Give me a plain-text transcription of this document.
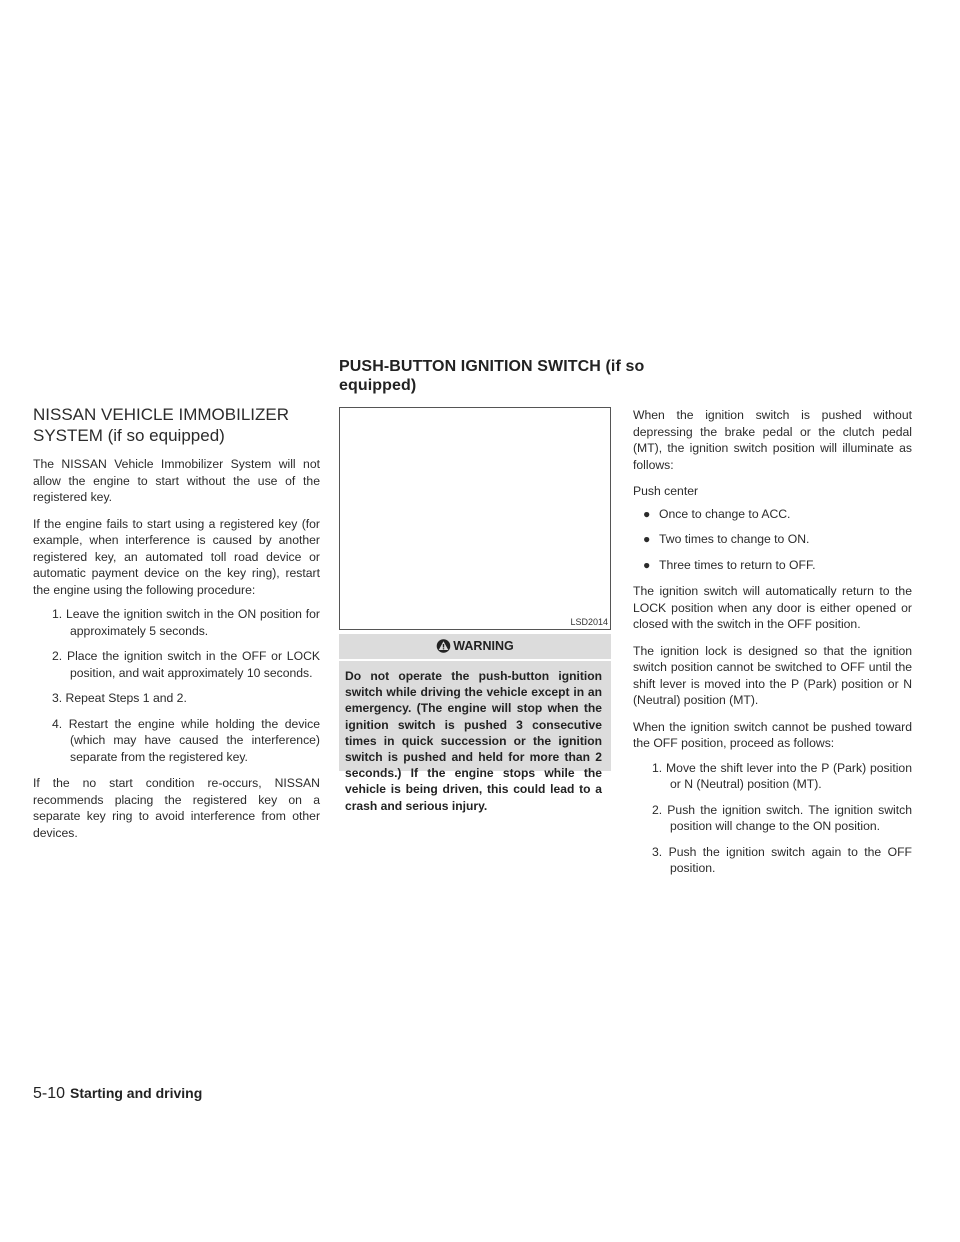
NISSAN VEHICLE IMMOBILIZER SYSTEM (if so equipped)

The NISSAN Vehicle Immobilizer System will not allow the engine to start without the use of the registered key.

If the engine fails to start using a registered key (for example, when interference is caused by another registered key, an automated toll road device or automatic payment device on the key ring), restart the engine using the following procedure:

1. Leave the ignition switch in the ON position for approximately 5 seconds.
2. Place the ignition switch in the OFF or LOCK position, and wait approximately 10 seconds.
3. Repeat Steps 1 and 2.
4. Restart the engine while holding the device (which may have caused the interference) separate from the registered key.

If the no start condition re-occurs, NISSAN recommends placing the registered key on a separate key ring to avoid interference from other devices.

PUSH-BUTTON IGNITION SWITCH (if so equipped)
LSD2014
WARNING
Do not operate the push-button ignition switch while driving the vehicle except in an emergency. (The engine will stop when the ignition switch is pushed 3 consecutive times in quick succession or the ignition switch is pushed and held for more than 2 seconds.) If the engine stops while the vehicle is being driven, this could lead to a crash and serious injury.

When the ignition switch is pushed without depressing the brake pedal or the clutch pedal (MT), the ignition switch position will illuminate as follows:

Push center

● Once to change to ACC.
● Two times to change to ON.
● Three times to return to OFF.

The ignition switch will automatically return to the LOCK position when any door is either opened or closed with the switch in the OFF position.

The ignition lock is designed so that the ignition switch position cannot be switched to OFF until the shift lever is moved into the P (Park) position or N (Neutral) position (MT).

When the ignition switch cannot be pushed toward the OFF position, proceed as follows:

1. Move the shift lever into the P (Park) position or N (Neutral) position (MT).
2. Push the ignition switch. The ignition switch position will change to the ON position.
3. Push the ignition switch again to the OFF position.
5-10 Starting and driving
